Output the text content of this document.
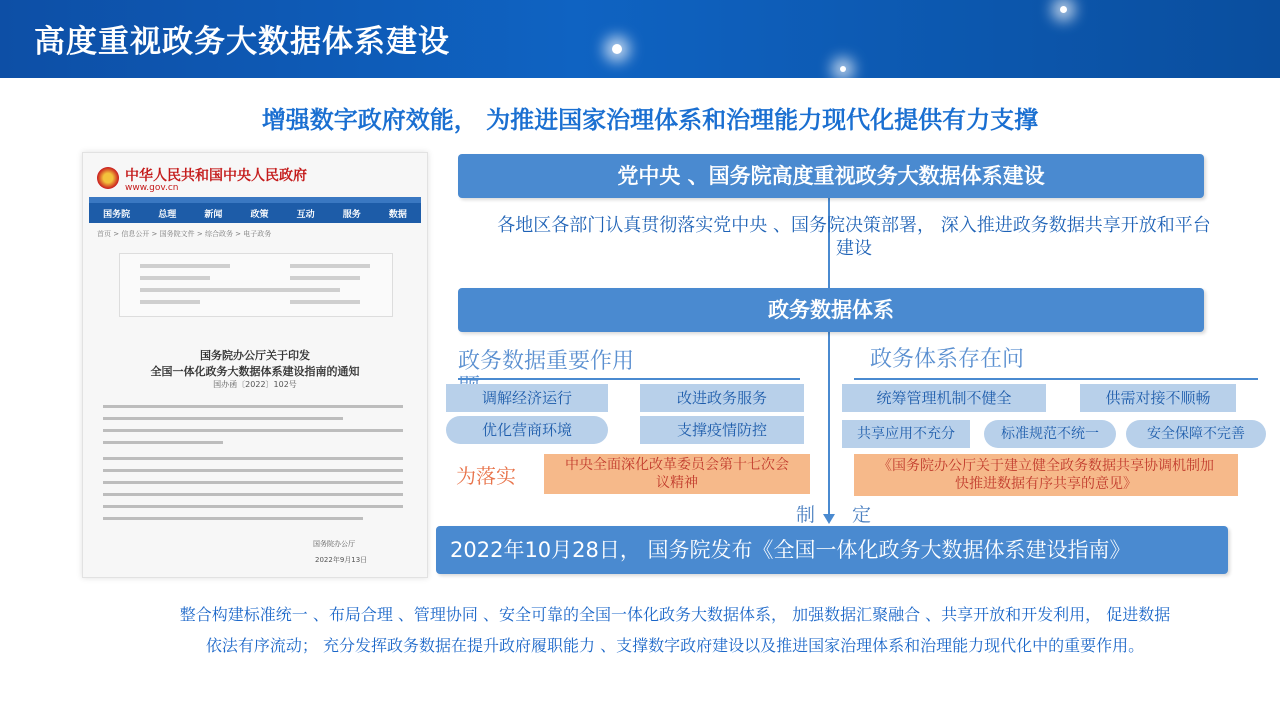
高度重视政务大数据体系建设
增强数字政府效能， 为推进国家治理体系和治理能力现代化提供有力支撑
中华人民共和国中央人民政府
www.gov.cn
国务院	总理	新闻	政策	互动	服务	数据
首页 > 信息公开 > 国务院文件 > 综合政务 > 电子政务
国务院办公厅关于印发
全国一体化政务大数据体系建设指南的通知
国办函〔2022〕102号
国务院办公厅
2022年9月13日
党中央 、国务院高度重视政务大数据体系建设
各地区各部门认真贯彻落实党中央 、国务院决策部署， 深入推进政务数据共享开放和平台建设
政务数据体系
政务数据重要作用	政务体系存在问
调解经济运行	改进政务服务
优化营商环境	支撑疫情防控
统筹管理机制不健全	供需对接不顺畅
共享应用不充分	标准规范不统一	安全保障不完善
为落实	中央全面深化改革委员会第十七次会议精神
《国务院办公厅关于建立健全政务数据共享协调机制加快推进数据有序共享的意见》
制 定
2022年10月28日， 国务院发布《全国一体化政务大数据体系建设指南》
整合构建标准统一 、布局合理 、管理协同 、安全可靠的全国一体化政务大数据体系， 加强数据汇聚融合 、共享开放和开发利用， 促进数据
依法有序流动； 充分发挥政务数据在提升政府履职能力 、支撑数字政府建设以及推进国家治理体系和治理能力现代化中的重要作用。
